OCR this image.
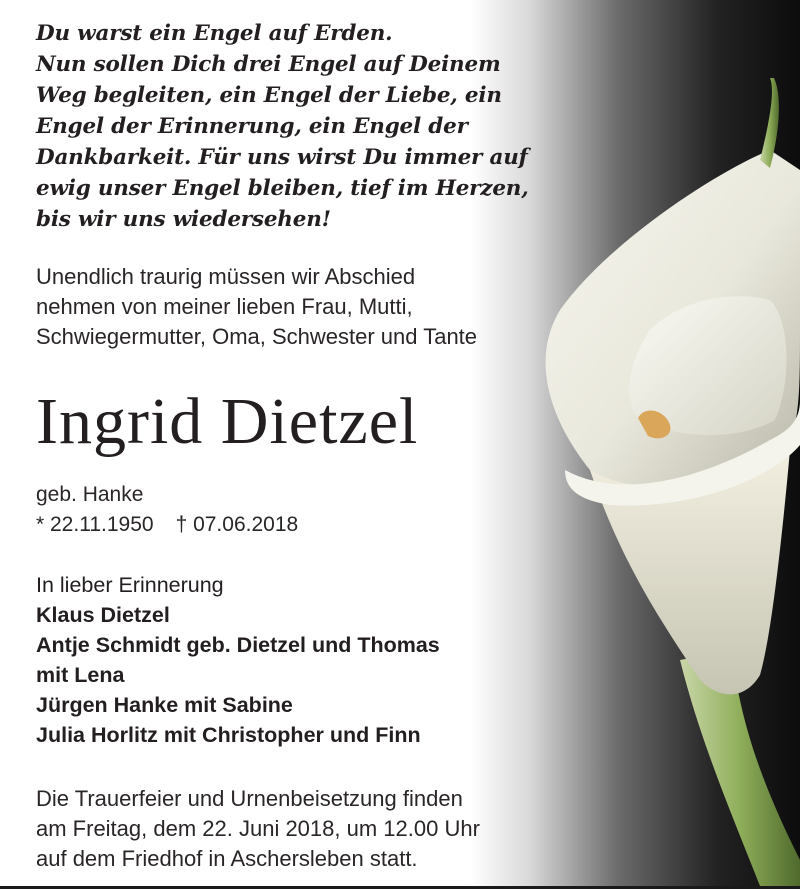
Du warst ein Engel auf Erden.
Nun sollen Dich drei Engel auf Deinem
Weg begleiten, ein Engel der Liebe, ein
Engel der Erinnerung, ein Engel der
Dankbarkeit. Für uns wirst Du immer auf
ewig unser Engel bleiben, tief im Herzen,
bis wir uns wiedersehen!
Unendlich traurig müssen wir Abschied
nehmen von meiner lieben Frau, Mutti,
Schwiegermutter, Oma, Schwester und Tante
Ingrid Dietzel
geb. Hanke
* 22.11.1950 † 07.06.2018
In lieber Erinnerung
Klaus Dietzel
Antje Schmidt geb. Dietzel und Thomas
mit Lena
Jürgen Hanke mit Sabine
Julia Horlitz mit Christopher und Finn
Die Trauerfeier und Urnenbeisetzung finden
am Freitag, dem 22. Juni 2018, um 12.00 Uhr
auf dem Friedhof in Aschersleben statt.
